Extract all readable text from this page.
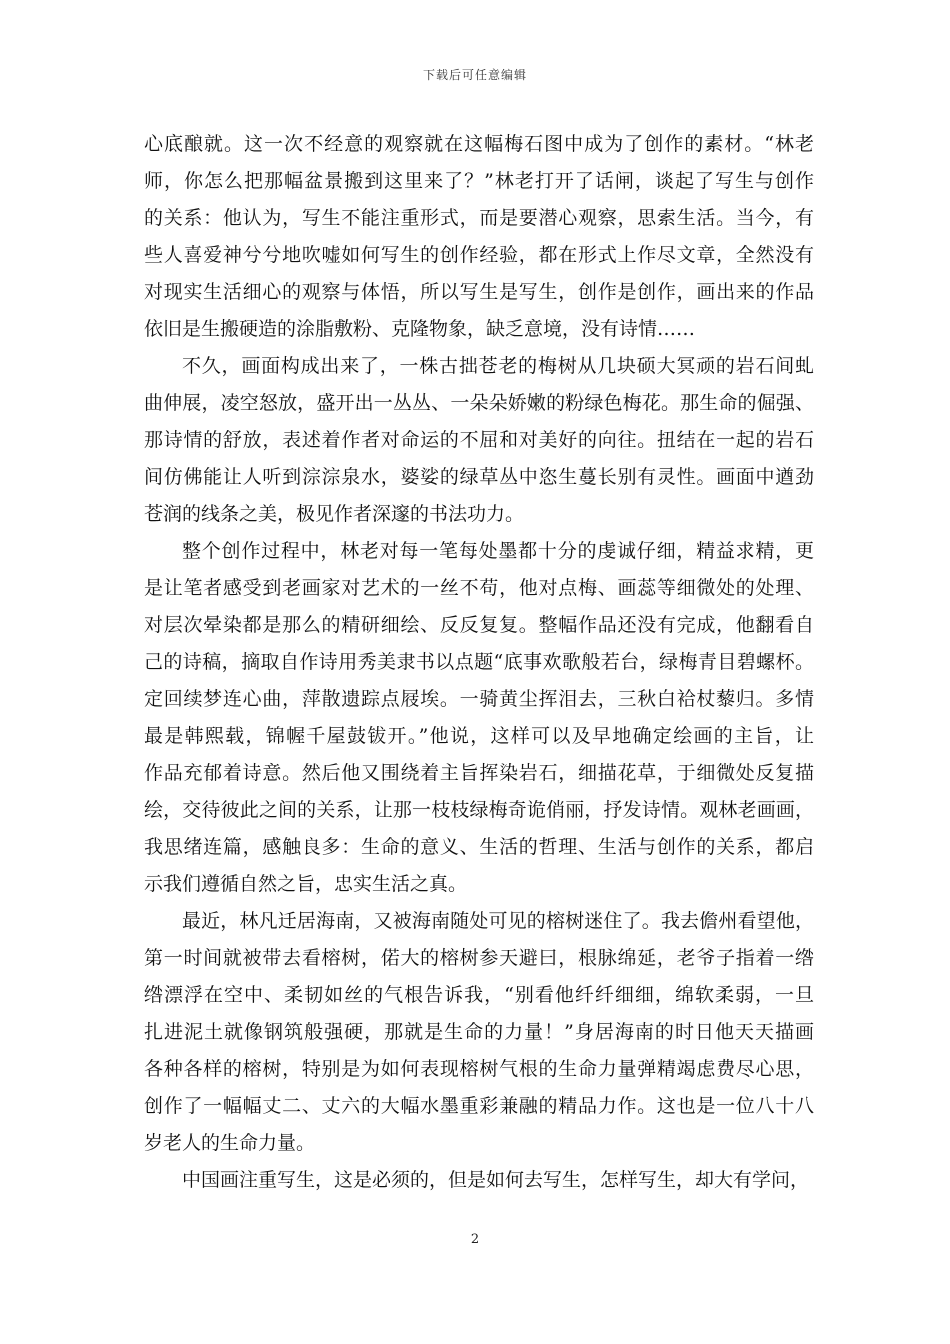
下载后可任意编辑
心底酿就。这一次不经意的观察就在这幅梅石图中成为了创作的素材。“林老
师，你怎么把那幅盆景搬到这里来了？”林老打开了话闸，谈起了写生与创作
的关系：他认为，写生不能注重形式，而是要潜心观察，思索生活。当今，有
些人喜爱神兮兮地吹嘘如何写生的创作经验，都在形式上作尽文章，全然没有
对现实生活细心的观察与体悟，所以写生是写生，创作是创作，画出来的作品
依旧是生搬硬造的涂脂敷粉、克隆物象，缺乏意境，没有诗情……
不久，画面构成出来了，一株古拙苍老的梅树从几块硕大冥顽的岩石间虬
曲伸展，凌空怒放，盛开出一丛丛、一朵朵娇嫩的粉绿色梅花。那生命的倔强、
那诗情的舒放，表述着作者对命运的不屈和对美好的向往。扭结在一起的岩石
间仿佛能让人听到淙淙泉水，婆娑的绿草丛中恣生蔓长别有灵性。画面中遒劲
苍润的线条之美，极见作者深邃的书法功力。
整个创作过程中，林老对每一笔每处墨都十分的虔诚仔细，精益求精，更
是让笔者感受到老画家对艺术的一丝不苟，他对点梅、画蕊等细微处的处理、
对层次晕染都是那么的精研细绘、反反复复。整幅作品还没有完成，他翻看自
己的诗稿，摘取自作诗用秀美隶书以点题“底事欢歌般若台，绿梅青目碧螺杯。
定回续梦连心曲，萍散遗踪点屐埃。一骑黄尘挥泪去，三秋白袷杖藜归。多情
最是韩熙载，锦幄千屋鼓钹开。”他说，这样可以及早地确定绘画的主旨，让
作品充郁着诗意。然后他又围绕着主旨挥染岩石，细描花草，于细微处反复描
绘，交待彼此之间的关系，让那一枝枝绿梅奇诡俏丽，抒发诗情。观林老画画，
我思绪连篇，感触良多：生命的意义、生活的哲理、生活与创作的关系，都启
示我们遵循自然之旨，忠实生活之真。
最近，林凡迁居海南，又被海南随处可见的榕树迷住了。我去儋州看望他，
第一时间就被带去看榕树，偌大的榕树参天避曰，根脉绵延，老爷子指着一绺
绺漂浮在空中、柔韧如丝的气根告诉我，“别看他纤纤细细，绵软柔弱，一旦
扎进泥土就像钢筑般强硬，那就是生命的力量！”身居海南的时日他天天描画
各种各样的榕树，特别是为如何表现榕树气根的生命力量弹精竭虑费尽心思，
创作了一幅幅丈二、丈六的大幅水墨重彩兼融的精品力作。这也是一位八十八
岁老人的生命力量。
中国画注重写生，这是必须的，但是如何去写生，怎样写生，却大有学问，
2
